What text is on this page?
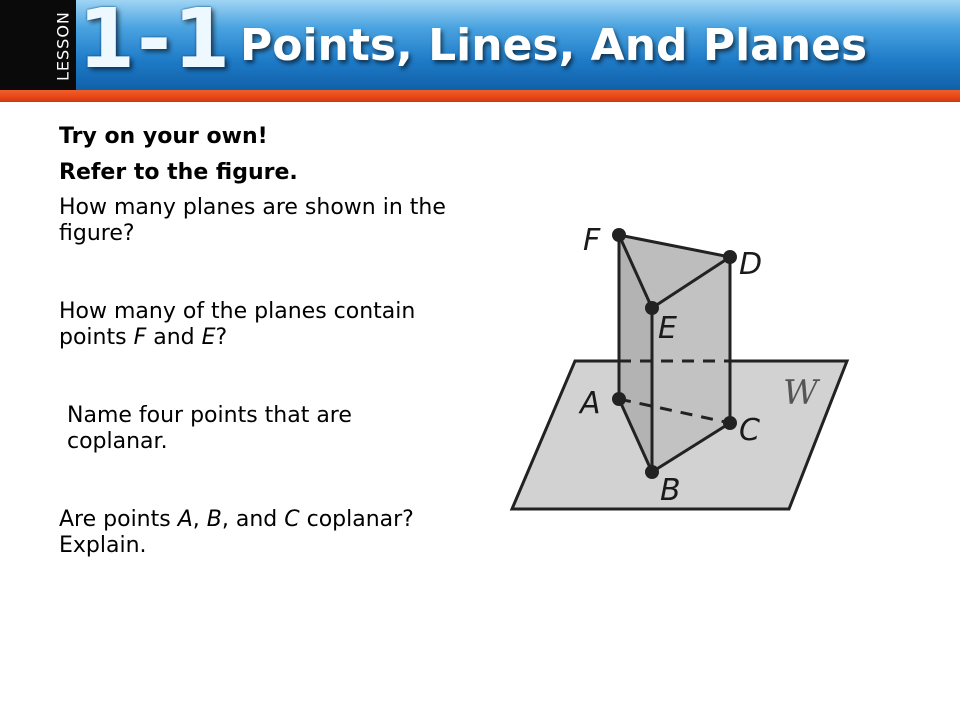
LESSON 1-1 Points, Lines, And Planes

Try on your own!

Refer to the figure.

How many planes are shown in the figure?

How many of the planes contain points F and E?

Name four points that are coplanar.

Are points A, B, and C coplanar? Explain.

F
D
E
A
C
B
W
